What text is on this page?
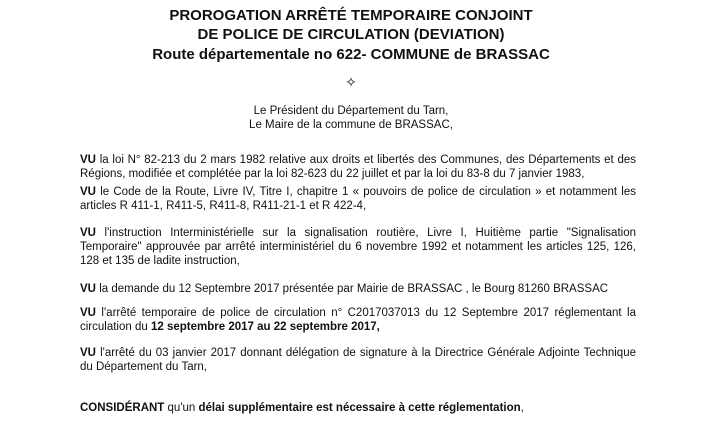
PROROGATION ARRÊTÉ TEMPORAIRE CONJOINT
DE POLICE DE CIRCULATION (DEVIATION)
Route départementale no 622- COMMUNE de BRASSAC
✧
Le Président du Département du Tarn,
Le Maire de la commune de BRASSAC,
VU la loi N° 82-213 du 2 mars 1982 relative aux droits et libertés des Communes, des Départements et des
Régions, modifiée et complétée par la loi 82-623 du 22 juillet et par la loi du 83-8 du 7 janvier 1983,
VU le Code de la Route, Livre IV, Titre I, chapitre 1 « pouvoirs de police de circulation » et notamment les
articles R 411-1, R411-5, R411-8, R411-21-1 et R 422-4,
VU l'instruction Interministérielle sur la signalisation routière, Livre I, Huitième partie "Signalisation
Temporaire" approuvée par arrêté interministériel du 6 novembre 1992 et notamment les articles 125, 126,
128 et 135 de ladite instruction,
VU la demande du 12 Septembre 2017 présentée par Mairie de BRASSAC , le Bourg 81260 BRASSAC
VU l'arrêté temporaire de police de circulation n° C2017037013 du 12 Septembre 2017 réglementant la
circulation du 12 septembre 2017 au 22 septembre 2017,
VU l'arrêté du 03 janvier 2017 donnant délégation de signature à la Directrice Générale Adjointe Technique
du Département du Tarn,
CONSIDÉRANT qu'un délai supplémentaire est nécessaire à cette réglementation,
